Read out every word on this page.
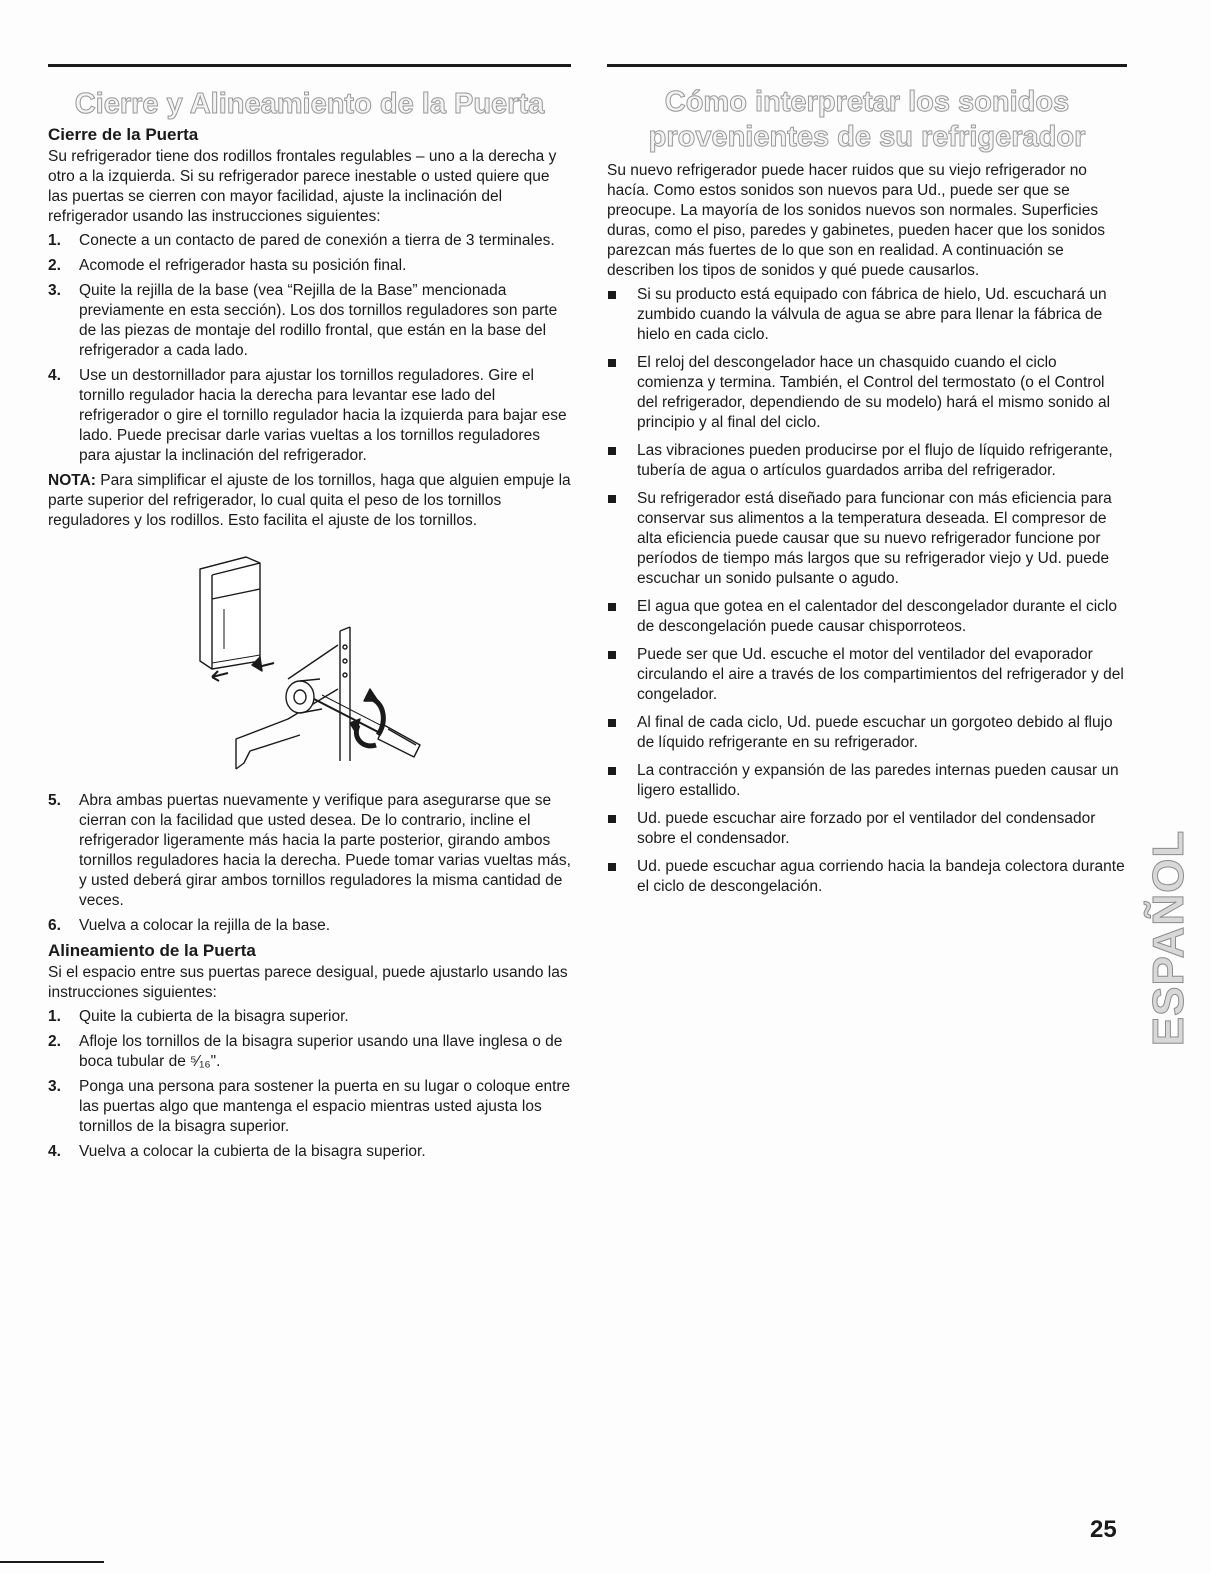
Cierre y Alineamiento de la Puerta
Cierre de la Puerta

Su refrigerador tiene dos rodillos frontales regulables – uno a la derecha y otro a la izquierda. Si su refrigerador parece inestable o usted quiere que las puertas se cierren con mayor facilidad, ajuste la inclinación del refrigerador usando las instrucciones siguientes:

1.	Conecte a un contacto de pared de conexión a tierra de 3 terminales.
2.	Acomode el refrigerador hasta su posición final.
3.	Quite la rejilla de la base (vea “Rejilla de la Base” mencionada previamente en esta sección). Los dos tornillos reguladores son parte de las piezas de montaje del rodillo frontal, que están en la base del refrigerador a cada lado.
4.	Use un destornillador para ajustar los tornillos reguladores. Gire el tornillo regulador hacia la derecha para levantar ese lado del refrigerador o gire el tornillo regulador hacia la izquierda para bajar ese lado. Puede precisar darle varias vueltas a los tornillos reguladores para ajustar la inclinación del refrigerador.

NOTA: Para simplificar el ajuste de los tornillos, haga que alguien empuje la parte superior del refrigerador, lo cual quita el peso de los tornillos reguladores y los rodillos. Esto facilita el ajuste de los tornillos.

5.	Abra ambas puertas nuevamente y verifique para asegurarse que se cierran con la facilidad que usted desea. De lo contrario, incline el refrigerador ligeramente más hacia la parte posterior, girando ambos tornillos reguladores hacia la derecha. Puede tomar varias vueltas más, y usted deberá girar ambos tornillos reguladores la misma cantidad de veces.
6.	Vuelva a colocar la rejilla de la base.
Alineamiento de la Puerta

Si el espacio entre sus puertas parece desigual, puede ajustarlo usando las instrucciones siguientes:

1.	Quite la cubierta de la bisagra superior.
2.	Afloje los tornillos de la bisagra superior usando una llave inglesa o de boca tubular de ⁵⁄₁₆".
3.	Ponga una persona para sostener la puerta en su lugar o coloque entre las puertas algo que mantenga el espacio mientras usted ajusta los tornillos de la bisagra superior.
4.	Vuelva a colocar la cubierta de la bisagra superior.
Cómo interpretar los sonidos provenientes de su refrigerador

Su nuevo refrigerador puede hacer ruidos que su viejo refrigerador no hacía. Como estos sonidos son nuevos para Ud., puede ser que se preocupe. La mayoría de los sonidos nuevos son normales. Superficies duras, como el piso, paredes y gabinetes, pueden hacer que los sonidos parezcan más fuertes de lo que son en realidad. A continuación se describen los tipos de sonidos y qué puede causarlos.

Si su producto está equipado con fábrica de hielo, Ud. escuchará un zumbido cuando la válvula de agua se abre para llenar la fábrica de hielo en cada ciclo.
El reloj del descongelador hace un chasquido cuando el ciclo comienza y termina. También, el Control del termostato (o el Control del refrigerador, dependiendo de su modelo) hará el mismo sonido al principio y al final del ciclo.
Las vibraciones pueden producirse por el flujo de líquido refrigerante, tubería de agua o artículos guardados arriba del refrigerador.
Su refrigerador está diseñado para funcionar con más eficiencia para conservar sus alimentos a la temperatura deseada. El compresor de alta eficiencia puede causar que su nuevo refrigerador funcione por períodos de tiempo más largos que su refrigerador viejo y Ud. puede escuchar un sonido pulsante o agudo.
El agua que gotea en el calentador del descongelador durante el ciclo de descongelación puede causar chisporroteos.
Puede ser que Ud. escuche el motor del ventilador del evaporador circulando el aire a través de los compartimientos del refrigerador y del congelador.
Al final de cada ciclo, Ud. puede escuchar un gorgoteo debido al flujo de líquido refrigerante en su refrigerador.
La contracción y expansión de las paredes internas pueden causar un ligero estallido.
Ud. puede escuchar aire forzado por el ventilador del condensador sobre el condensador.
Ud. puede escuchar agua corriendo hacia la bandeja colectora durante el ciclo de descongelación.	ESPAÑOL
25
